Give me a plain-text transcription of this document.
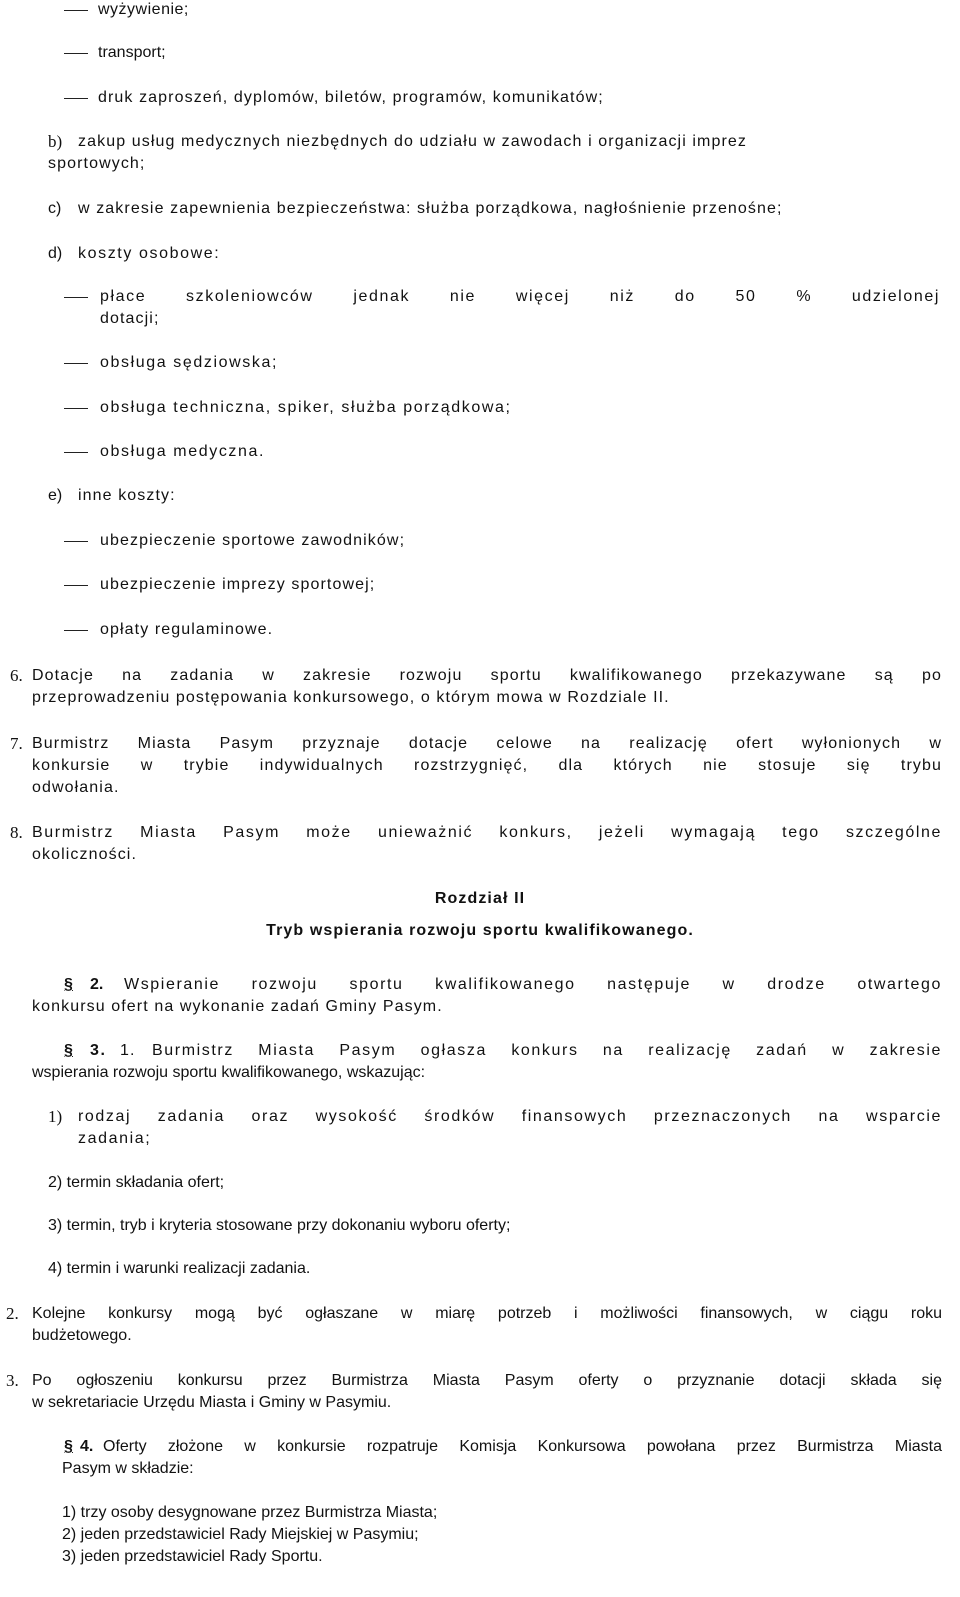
wyżywienie;
transport;
druk zaproszeń, dyplomów, biletów, programów, komunikatów;
b) zakup usług medycznych niezbędnych do udziału w zawodach i organizacji imprez
sportowych;
c) w zakresie zapewnienia bezpieczeństwa: służba porządkowa, nagłośnienie przenośne;
d) koszty osobowe:
płace szkoleniowców jednak nie więcej niż do 50 % udzielonej
dotacji;
obsługa sędziowska;
obsługa techniczna, spiker, służba porządkowa;
obsługa medyczna.
e) inne koszty:
ubezpieczenie sportowe zawodników;
ubezpieczenie imprezy sportowej;
opłaty regulaminowe.
6. Dotacje na zadania w zakresie rozwoju sportu kwalifikowanego przekazywane są po
przeprowadzeniu postępowania konkursowego, o którym mowa w Rozdziale II.
7. Burmistrz Miasta Pasym przyznaje dotacje celowe na realizację ofert wyłonionych w
konkursie w trybie indywidualnych rozstrzygnięć, dla których nie stosuje się trybu
odwołania.
8. Burmistrz Miasta Pasym może unieważnić konkurs, jeżeli wymagają tego szczególne
okoliczności.
Rozdział II
Tryb wspierania rozwoju sportu kwalifikowanego.
§ 2. Wspieranie rozwoju sportu kwalifikowanego następuje w drodze otwartego
konkursu ofert na wykonanie zadań Gminy Pasym.
§ 3. 1. Burmistrz Miasta Pasym ogłasza konkurs na realizację zadań w zakresie
wspierania rozwoju sportu kwalifikowanego, wskazując:
1) rodzaj zadania oraz wysokość środków finansowych przeznaczonych na wsparcie
zadania;
2) termin składania ofert;
3) termin, tryb i kryteria stosowane przy dokonaniu wyboru oferty;
4) termin i warunki realizacji zadania.
2. Kolejne konkursy mogą być ogłaszane w miarę potrzeb i możliwości finansowych, w ciągu roku
budżetowego.
3. Po ogłoszeniu konkursu przez Burmistrza Miasta Pasym oferty o przyznanie dotacji składa się
w sekretariacie Urzędu Miasta i Gminy w Pasymiu.
§ 4. Oferty złożone w konkursie rozpatruje Komisja Konkursowa powołana przez Burmistrza Miasta
Pasym w składzie:
1) trzy osoby desygnowane przez Burmistrza Miasta;
2) jeden przedstawiciel Rady Miejskiej w Pasymiu;
3) jeden przedstawiciel Rady Sportu.
